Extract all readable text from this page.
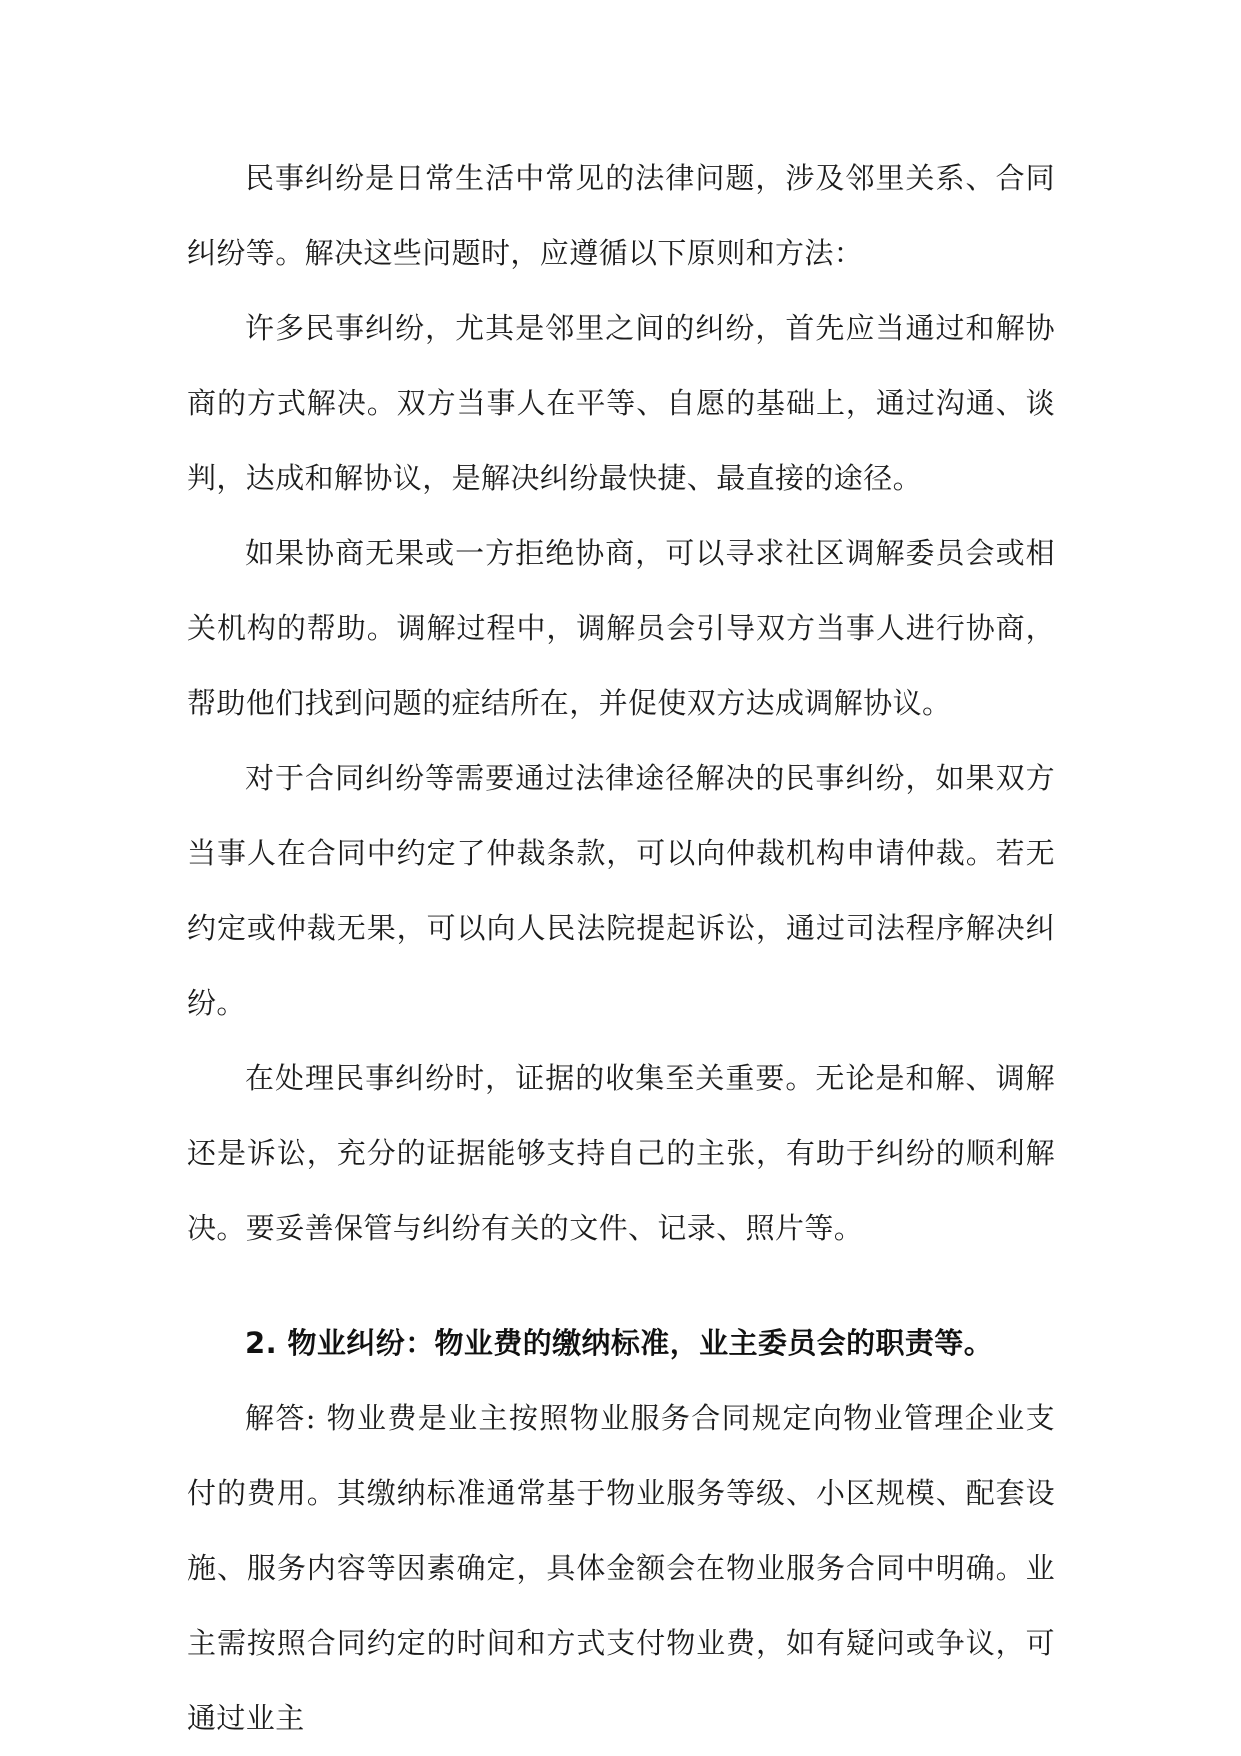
民事纠纷是日常生活中常见的法律问题，涉及邻里关系、合同纠纷等。解决这些问题时，应遵循以下原则和方法：

许多民事纠纷，尤其是邻里之间的纠纷，首先应当通过和解协商的方式解决。双方当事人在平等、自愿的基础上，通过沟通、谈判，达成和解协议，是解决纠纷最快捷、最直接的途径。

如果协商无果或一方拒绝协商，可以寻求社区调解委员会或相关机构的帮助。调解过程中，调解员会引导双方当事人进行协商，帮助他们找到问题的症结所在，并促使双方达成调解协议。

对于合同纠纷等需要通过法律途径解决的民事纠纷，如果双方当事人在合同中约定了仲裁条款，可以向仲裁机构申请仲裁。若无约定或仲裁无果，可以向人民法院提起诉讼，通过司法程序解决纠纷。

在处理民事纠纷时，证据的收集至关重要。无论是和解、调解还是诉讼，充分的证据能够支持自己的主张，有助于纠纷的顺利解决。要妥善保管与纠纷有关的文件、记录、照片等。

2. 物业纠纷：物业费的缴纳标准，业主委员会的职责等。

解答: 物业费是业主按照物业服务合同规定向物业管理企业支付的费用。其缴纳标准通常基于物业服务等级、小区规模、配套设施、服务内容等因素确定，具体金额会在物业服务合同中明确。业主需按照合同约定的时间和方式支付物业费，如有疑问或争议，可通过业主
